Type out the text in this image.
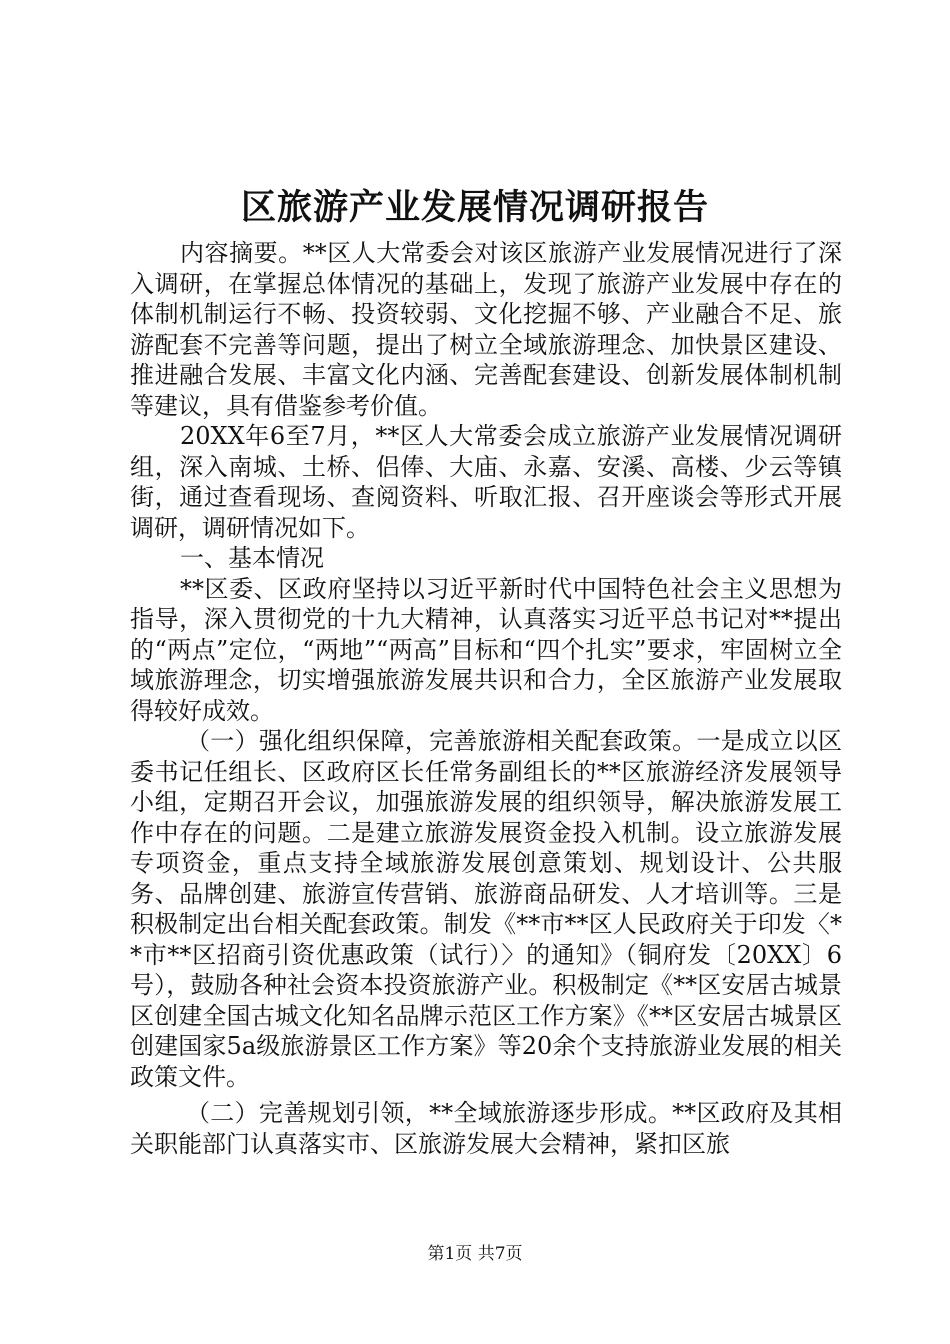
区旅游产业发展情况调研报告

内容摘要。**区人大常委会对该区旅游产业发展情况进行了深入调研，在掌握总体情况的基础上，发现了旅游产业发展中存在的体制机制运行不畅、投资较弱、文化挖掘不够、产业融合不足、旅游配套不完善等问题，提出了树立全域旅游理念、加快景区建设、推进融合发展、丰富文化内涵、完善配套建设、创新发展体制机制等建议，具有借鉴参考价值。

20XX年6至7月，**区人大常委会成立旅游产业发展情况调研组，深入南城、土桥、侣俸、大庙、永嘉、安溪、高楼、少云等镇街，通过查看现场、查阅资料、听取汇报、召开座谈会等形式开展调研，调研情况如下。

一、基本情况

**区委、区政府坚持以习近平新时代中国特色社会主义思想为指导，深入贯彻党的十九大精神，认真落实习近平总书记对**提出的“两点”定位，“两地”“两高”目标和“四个扎实”要求，牢固树立全域旅游理念，切实增强旅游发展共识和合力，全区旅游产业发展取得较好成效。

（一）强化组织保障，完善旅游相关配套政策。一是成立以区委书记任组长、区政府区长任常务副组长的**区旅游经济发展领导小组，定期召开会议，加强旅游发展的组织领导，解决旅游发展工作中存在的问题。二是建立旅游发展资金投入机制。设立旅游发展专项资金，重点支持全域旅游发展创意策划、规划设计、公共服务、品牌创建、旅游宣传营销、旅游商品研发、人才培训等。三是积极制定出台相关配套政策。制发《**市**区人民政府关于印发〈**市**区招商引资优惠政策（试行）〉的通知》（铜府发〔20XX〕6号），鼓励各种社会资本投资旅游产业。积极制定《**区安居古城景区创建全国古城文化知名品牌示范区工作方案》《**区安居古城景区创建国家5a级旅游景区工作方案》等20余个支持旅游业发展的相关政策文件。

（二）完善规划引领，**全域旅游逐步形成。**区政府及其相关职能部门认真落实市、区旅游发展大会精神，紧扣区旅

第1页 共7页
